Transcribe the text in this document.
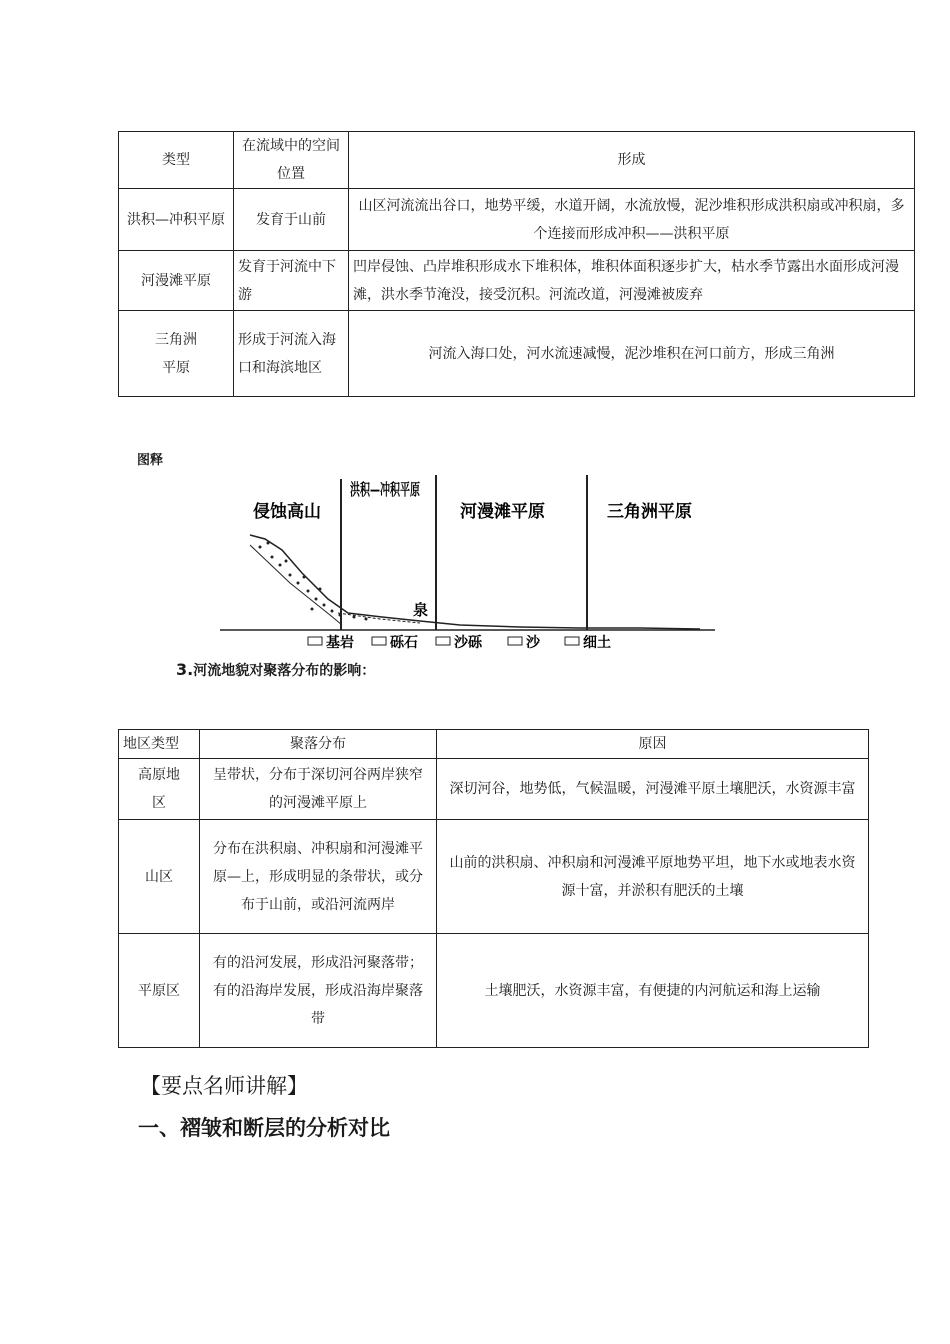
类型	在流域中的空间位置	形成
洪积—冲积平原	发育于山前	山区河流流出谷口，地势平缓，水道开阔，水流放慢，泥沙堆积形成洪积扇或冲积扇，多个连接而形成冲积——洪积平原
河漫滩平原	发育于河流中下游	凹岸侵蚀、凸岸堆积形成水下堆积体，堆积体面积逐步扩大，枯水季节露出水面形成河漫滩，洪水季节淹没，接受沉积。河流改道，河漫滩被废弃
三角洲平原	形成于河流入海口和海滨地区	河流入海口处，河水流速减慢，泥沙堆积在河口前方，形成三角洲
图释
侵蚀高山
洪积—冲积平原
河漫滩平原	三角洲平原
泉
基岩	砾石	沙砾	沙	细土
3.河流地貌对聚落分布的影响：
地区类型	聚落分布	原因
高原地区	呈带状，分布于深切河谷两岸狭窄的河漫滩平原上	深切河谷，地势低，气候温暖，河漫滩平原土壤肥沃，水资源丰富
山区	分布在洪积扇、冲积扇和河漫滩平原—上，形成明显的条带状，或分布于山前，或沿河流两岸	山前的洪积扇、冲积扇和河漫滩平原地势平坦，地下水或地表水资源十富，并淤积有肥沃的土壤
平原区	有的沿河发展，形成沿河聚落带；有的沿海岸发展，形成沿海岸聚落带	土壤肥沃，水资源丰富，有便捷的内河航运和海上运输
【要点名师讲解】
一、褶皱和断层的分析对比
